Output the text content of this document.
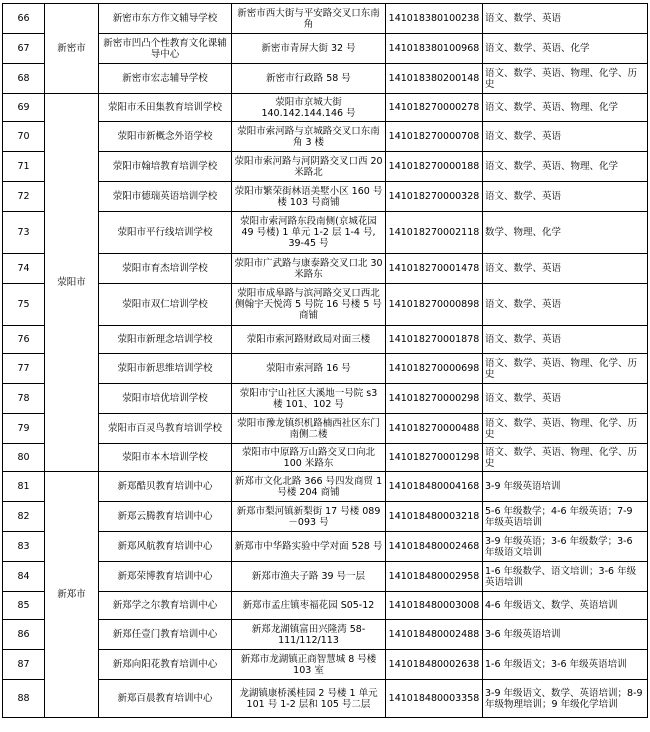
66	新密市	新密市东方作文辅导学校	新密市西大街与平安路交叉口东南角	141018380100238	语文、数学、英语
67		新密市凹凸个性教育文化课辅导中心	新密市青屏大街 32 号	141018380100968	语文、数学、英语、化学
68		新密市宏志辅导学校	新密市行政路 58 号	141018380200148	语文、数学、英语、物理、化学、历史
69	荥阳市	荥阳市禾田集教育培训学校	荥阳市京城大街 140.142.144.146 号	141018270000278	语文、数学、英语、物理、化学
70		荥阳市新概念外语学校	荥阳市索河路与京城路交叉口东南角 3 楼	141018270000708	语文、数学、英语
71		荥阳市翰培教育培训学校	荥阳市索河路与河阴路交叉口西 20 米路北	141018270000188	语文、数学、英语、物理、化学
72		荥阳市德瑞英语培训学校	荥阳市繁荣街林语美墅小区 160 号楼 103 号商铺	141018270000328	语文、数学、英语
73		荥阳市平行线培训学校	荥阳市索河路东段南侧(京城花园 49 号楼) 1 单元 1-2 层 1-4 号, 39-45 号	141018270002118	数学、物理、化学
74		荥阳市育杰培训学校	荥阳市广武路与康泰路交叉口北 30 米路东	141018270001478	语文、数学、英语
75		荥阳市双仁培训学校	荥阳市成皋路与滨河路交叉口西北侧翰宇天悦湾 5 号院 16 号楼 5 号商铺	141018270000898	语文、数学、英语
76		荥阳市新理念培训学校	荥阳市索河路财政局对面三楼	141018270001878	语文、数学、英语
77		荥阳市新思维培训学校	荥阳市索河路 16 号	141018270000698	语文、数学、英语、物理、化学、历史
78		荥阳市培优培训学校	荥阳市宁山社区大溪地一号院 s3 楼 101、102 号	141018270000298	语文、数学、英语
79		荥阳市百灵鸟教育培训学校	荥阳市豫龙镇织机路楠西社区东门南侧二楼	141018270000488	语文、数学、英语、物理、化学、历史
80		荥阳市本木培训学校	荥阳市中原路万山路交叉口向北 100 米路东	141018270001298	语文、数学、英语、物理、化学、历史
81	新郑市	新郑酷贝教育培训中心	新郑市文化北路 366 号四发商贸 1 号楼 204 商铺	141018480004168	3-9 年级英语培训
82		新郑云腾教育培训中心	新郑市梨河镇新梨街 17 号楼 089－093 号	141018480003218	5-6 年级数学；4-6 年级英语；7-9 年级英语培训
83		新郑风航教育培训中心	新郑市中华路实验中学对面 528 号	141018480002468	3-9 年级英语；3-6 年级数学；3-6 年级语文培训
84		新郑荣博教育培训中心	新郑市渔夫子路 39 号一层	141018480002958	1-6 年级数学、语文培训；3-6 年级英语培训
85		新郑学之尔教育培训中心	新郑市孟庄镇枣福花园 S05-12	141018480003008	4-6 年级语文、数学、英语培训
86		新郑任壹门教育培训中心	新郑龙湖镇富田兴隆湾 58-111/112/113	141018480002488	3-6 年级英语培训
87		新郑向阳花教育培训中心	新郑市龙湖镇正商智慧城 8 号楼 103 室	141018480002638	1-6 年级语文；3-6 年级英语培训
88		新郑百晨教育培训中心	龙湖镇康桥溪桂园 2 号楼 1 单元 101 号 1-2 层和 105 号二层	141018480003358	3-9 年级语文、数学、英语培训；8-9 年级物理培训；9 年级化学培训
